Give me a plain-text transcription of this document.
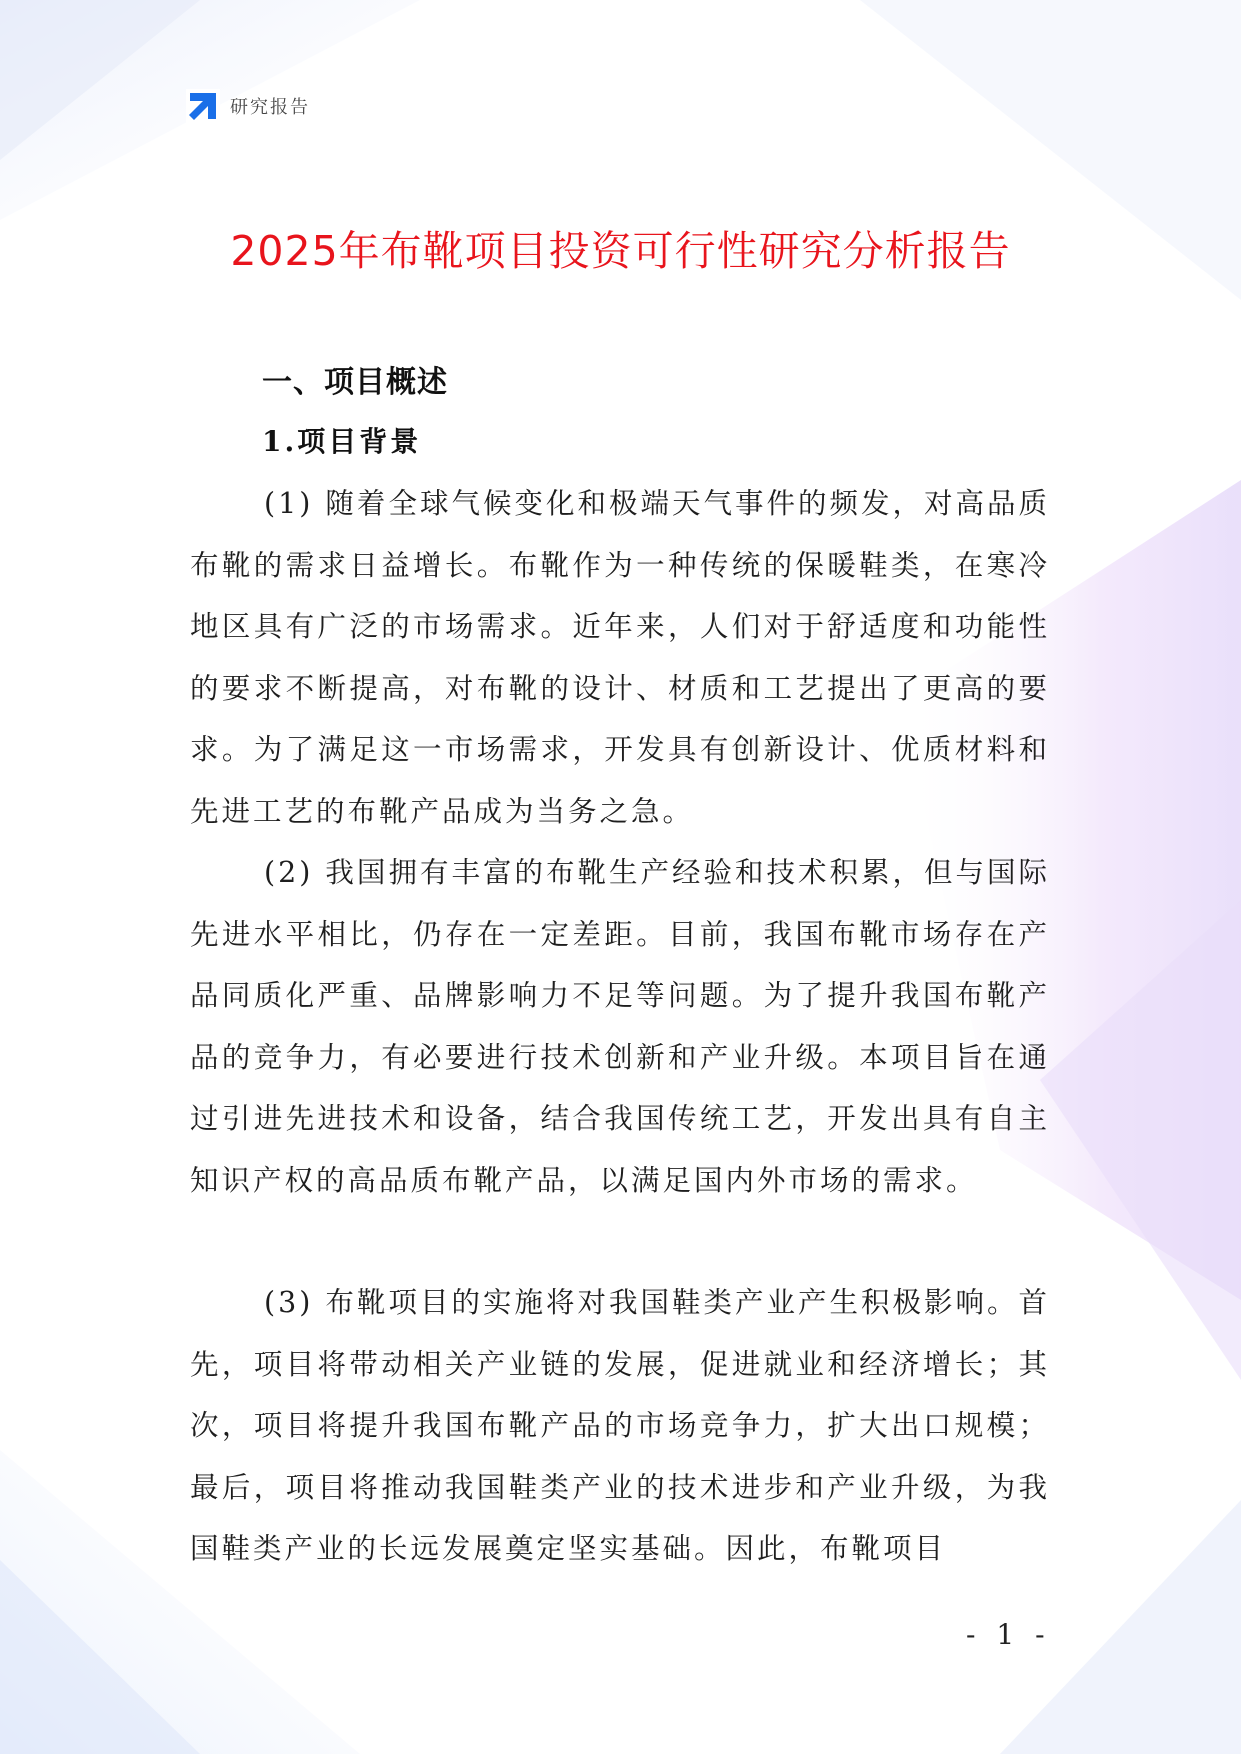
研究报告
2025年布靴项目投资可行性研究分析报告
一、项目概述
1.项目背景

(1) 随着全球气候变化和极端天气事件的频发，对高品质布靴的需求日益增长。布靴作为一种传统的保暖鞋类，在寒冷地区具有广泛的市场需求。近年来，人们对于舒适度和功能性的要求不断提高，对布靴的设计、材质和工艺提出了更高的要求。为了满足这一市场需求，开发具有创新设计、优质材料和先进工艺的布靴产品成为当务之急。

(2) 我国拥有丰富的布靴生产经验和技术积累，但与国际先进水平相比，仍存在一定差距。目前，我国布靴市场存在产品同质化严重、品牌影响力不足等问题。为了提升我国布靴产品的竞争力，有必要进行技术创新和产业升级。本项目旨在通过引进先进技术和设备，结合我国传统工艺，开发出具有自主知识产权的高品质布靴产品，以满足国内外市场的需求。

(3) 布靴项目的实施将对我国鞋类产业产生积极影响。首先，项目将带动相关产业链的发展，促进就业和经济增长；其次，项目将提升我国布靴产品的市场竞争力，扩大出口规模；最后，项目将推动我国鞋类产业的技术进步和产业升级，为我国鞋类产业的长远发展奠定坚实基础。因此，布靴项目

- 1 -
